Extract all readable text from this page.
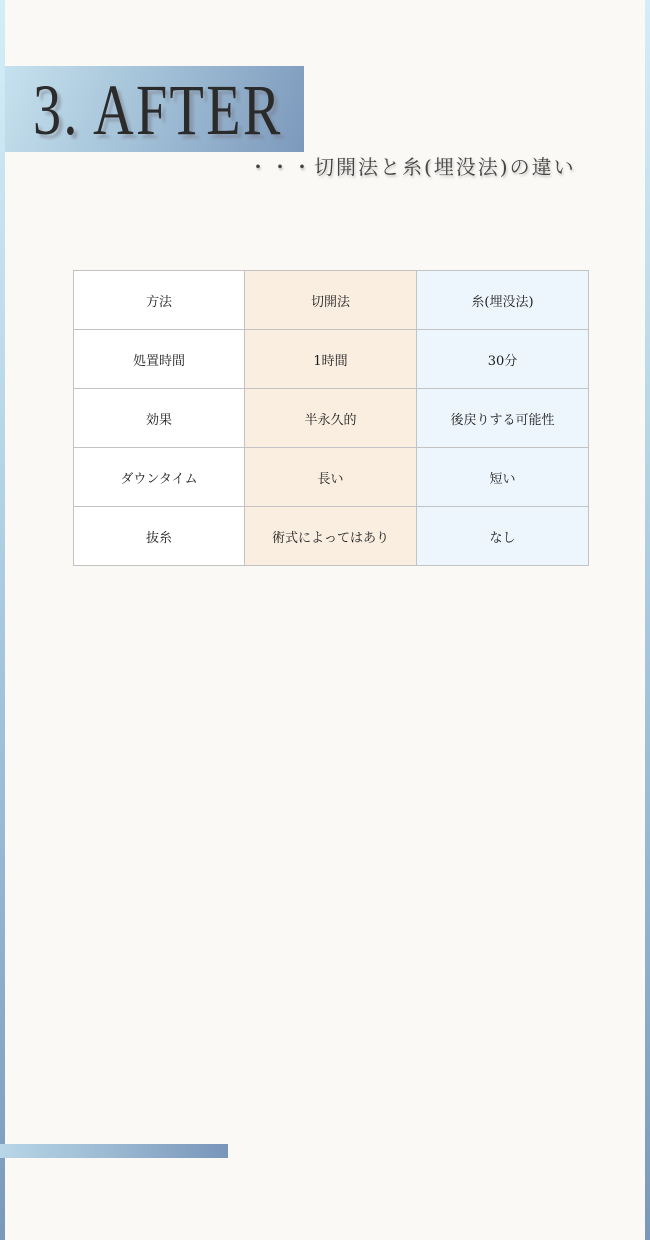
3. AFTER
・・・切開法と糸(埋没法)の違い
方法	切開法	糸(埋没法)
処置時間	1時間	30分
効果	半永久的	後戻りする可能性
ダウンタイム	長い	短い
抜糸	術式によってはあり	なし
